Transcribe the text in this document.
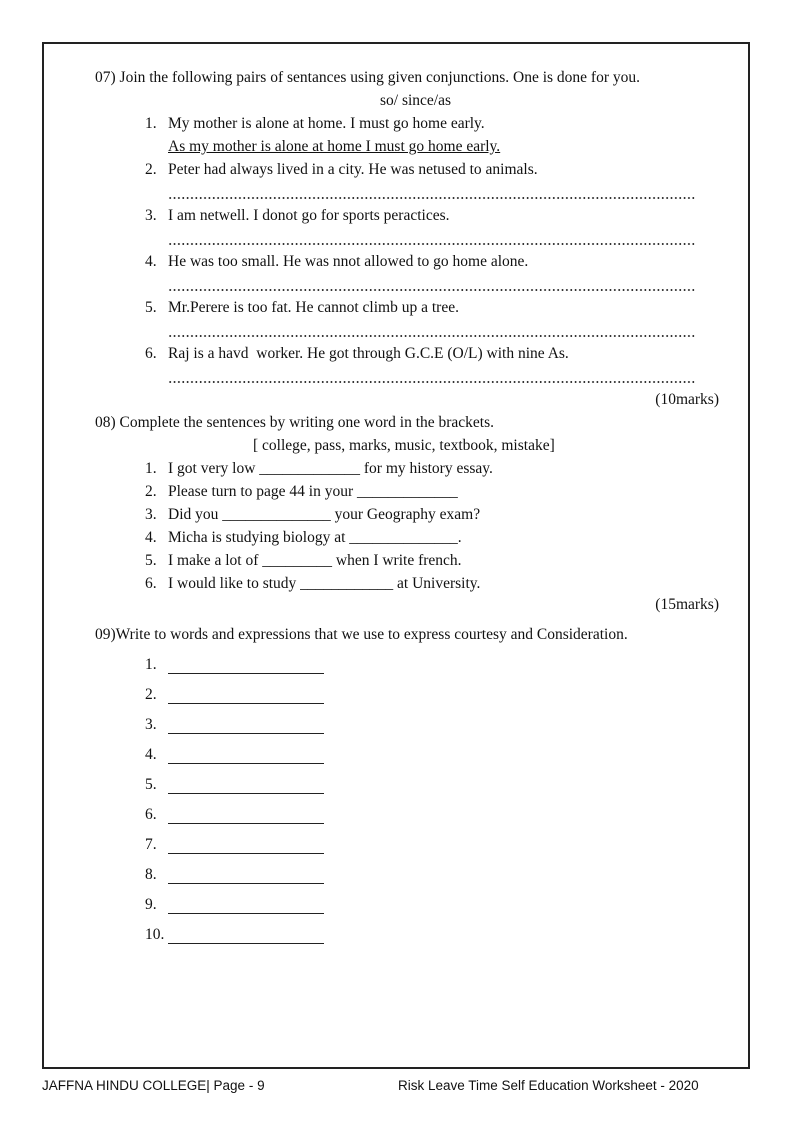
07) Join the following pairs of sentances using given conjunctions. One is done for you.
so/ since/as
08) Complete the sentences by writing one word in the brackets.
[ college, pass, marks, music, textbook, mistake]
09)Write to words and expressions that we use to express courtesy and Consideration.
1. My mother is alone at home. I must go home early.
As my mother is alone at home I must go home early.
2. Peter had always lived in a city. He was netused to animals.
3. I am netwell. I donot go for sports peractices.
4. He was too small. He was nnot allowed to go home alone.
5. Mr.Perere is too fat. He cannot climb up a tree.
6. Raj is a havd  worker. He got through G.C.E (O/L) with nine As.
(10marks)
1. I got very low _____________ for my history essay.
2. Please turn to page 44 in your _____________
3. Did you ______________ your Geography exam?
4. Micha is studying biology at ______________.
5. I make a lot of _________ when I write french.
6. I would like to study ____________ at University.
(15marks)
1.
2.
3.
4.
5.
6.
7.
8.
9.
10.
JAFFNA HINDU COLLEGE| Page - 9	Risk Leave Time Self Education Worksheet - 2020
